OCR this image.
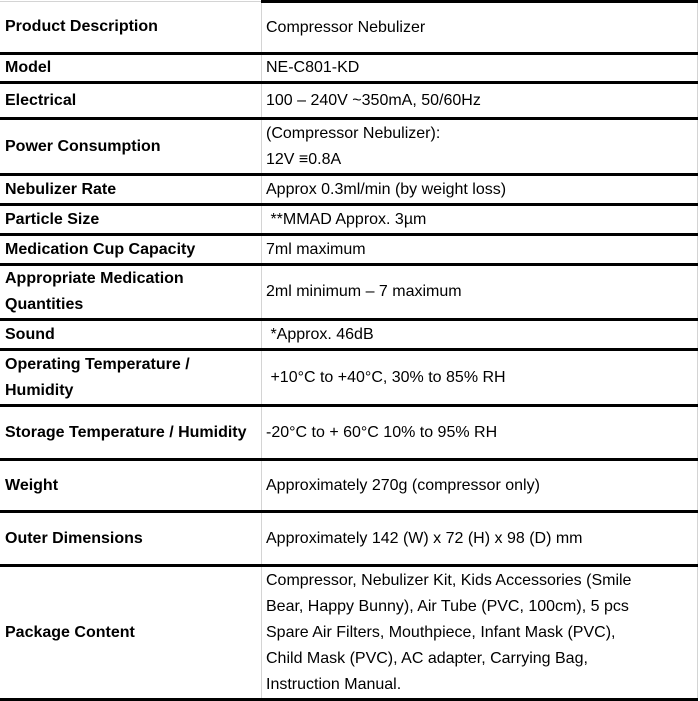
Product Description	Compressor Nebulizer

Model	NE-C801-KD

Electrical	100 – 240V ~350mA, 50/60Hz

Power Consumption	(Compressor Nebulizer):
12V ≡0.8A

Nebulizer Rate	Approx 0.3ml/min (by weight loss)

Particle Size	**MMAD Approx. 3µm

Medication Cup Capacity	7ml maximum

Appropriate Medication Quantities	2ml minimum – 7 maximum

Sound	*Approx. 46dB

Operating Temperature / Humidity	+10°C to +40°C, 30% to 85% RH

Storage Temperature / Humidity	-20°C to + 60°C 10% to 95% RH

Weight	Approximately 270g (compressor only)

Outer Dimensions	Approximately 142 (W) x 72 (H) x 98 (D) mm

Package Content	Compressor, Nebulizer Kit, Kids Accessories (Smile
Bear, Happy Bunny), Air Tube (PVC, 100cm), 5 pcs
Spare Air Filters, Mouthpiece, Infant Mask (PVC),
Child Mask (PVC), AC adapter, Carrying Bag,
Instruction Manual.
